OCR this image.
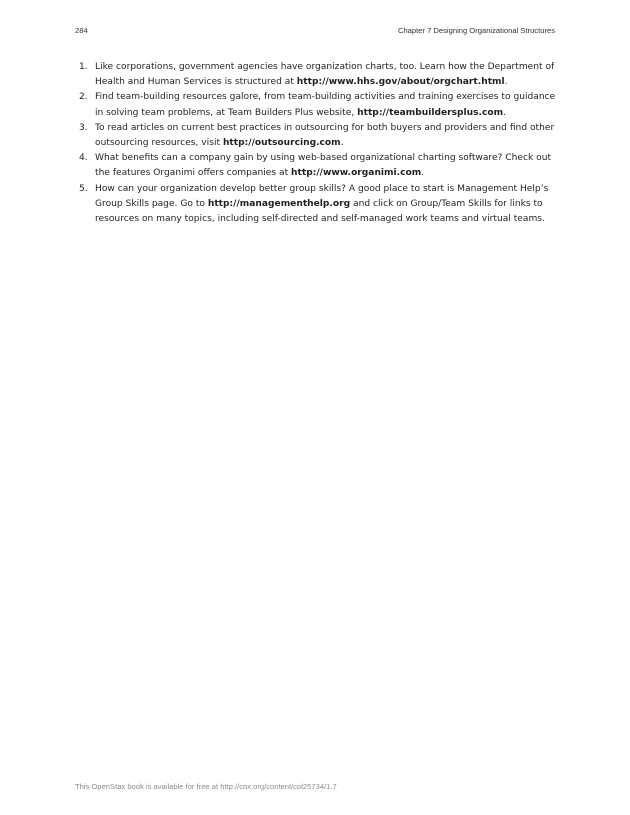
284	Chapter 7 Designing Organizational Structures
1. Like corporations, government agencies have organization charts, too. Learn how the Department of Health and Human Services is structured at http://www.hhs.gov/about/orgchart.html.
2. Find team-building resources galore, from team-building activities and training exercises to guidance in solving team problems, at Team Builders Plus website, http://teambuildersplus.com.
3. To read articles on current best practices in outsourcing for both buyers and providers and find other outsourcing resources, visit http://outsourcing.com.
4. What benefits can a company gain by using web-based organizational charting software? Check out the features Organimi offers companies at http://www.organimi.com.
5. How can your organization develop better group skills? A good place to start is Management Help’s Group Skills page. Go to http://managementhelp.org and click on Group/Team Skills for links to resources on many topics, including self-directed and self-managed work teams and virtual teams.
This OpenStax book is available for free at http://cnx.org/content/col25734/1.7
